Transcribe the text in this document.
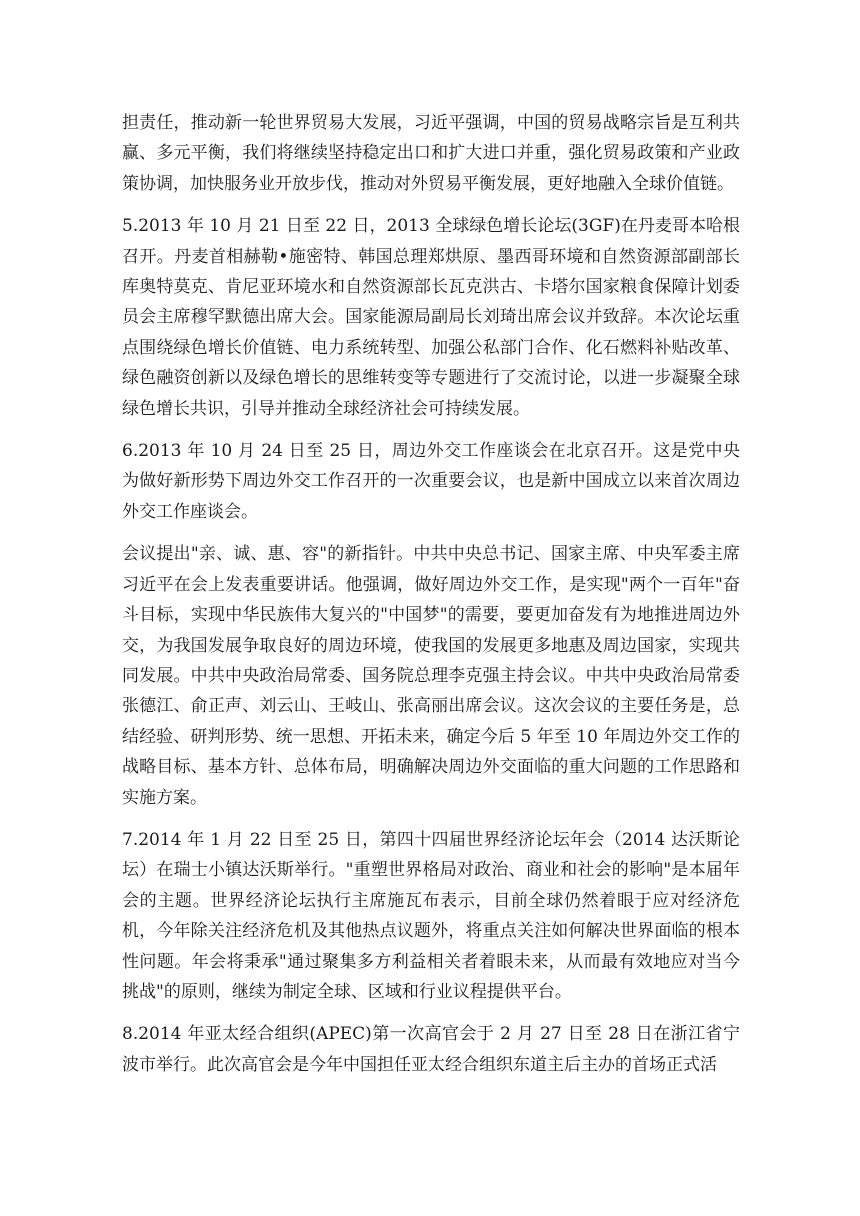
担责任，推动新一轮世界贸易大发展，习近平强调，中国的贸易战略宗旨是互利共赢、多元平衡，我们将继续坚持稳定出口和扩大进口并重，强化贸易政策和产业政策协调，加快服务业开放步伐，推动对外贸易平衡发展，更好地融入全球价值链。

5.2013 年 10 月 21 日至 22 日，2013 全球绿色增长论坛(3GF)在丹麦哥本哈根召开。丹麦首相赫勒•施密特、韩国总理郑烘原、墨西哥环境和自然资源部副部长库奥特莫克、肯尼亚环境水和自然资源部长瓦克洪古、卡塔尔国家粮食保障计划委员会主席穆罕默德出席大会。国家能源局副局长刘琦出席会议并致辞。本次论坛重点围绕绿色增长价值链、电力系统转型、加强公私部门合作、化石燃料补贴改革、绿色融资创新以及绿色增长的思维转变等专题进行了交流讨论，以进一步凝聚全球绿色增长共识，引导并推动全球经济社会可持续发展。

6.2013 年 10 月 24 日至 25 日，周边外交工作座谈会在北京召开。这是党中央为做好新形势下周边外交工作召开的一次重要会议，也是新中国成立以来首次周边外交工作座谈会。

会议提出"亲、诚、惠、容"的新指针。中共中央总书记、国家主席、中央军委主席习近平在会上发表重要讲话。他强调，做好周边外交工作，是实现"两个一百年"奋斗目标，实现中华民族伟大复兴的"中国梦"的需要，要更加奋发有为地推进周边外交，为我国发展争取良好的周边环境，使我国的发展更多地惠及周边国家，实现共同发展。中共中央政治局常委、国务院总理李克强主持会议。中共中央政治局常委张德江、俞正声、刘云山、王岐山、张高丽出席会议。这次会议的主要任务是，总结经验、研判形势、统一思想、开拓未来，确定今后 5 年至 10 年周边外交工作的战略目标、基本方针、总体布局，明确解决周边外交面临的重大问题的工作思路和实施方案。

7.2014 年 1 月 22 日至 25 日，第四十四届世界经济论坛年会（2014 达沃斯论坛）在瑞士小镇达沃斯举行。"重塑世界格局对政治、商业和社会的影响"是本届年会的主题。世界经济论坛执行主席施瓦布表示，目前全球仍然着眼于应对经济危机，今年除关注经济危机及其他热点议题外，将重点关注如何解决世界面临的根本性问题。年会将秉承"通过聚集多方利益相关者着眼未来，从而最有效地应对当今挑战"的原则，继续为制定全球、区域和行业议程提供平台。

8.2014 年亚太经合组织(APEC)第一次高官会于 2 月 27 日至 28 日在浙江省宁波市举行。此次高官会是今年中国担任亚太经合组织东道主后主办的首场正式活
